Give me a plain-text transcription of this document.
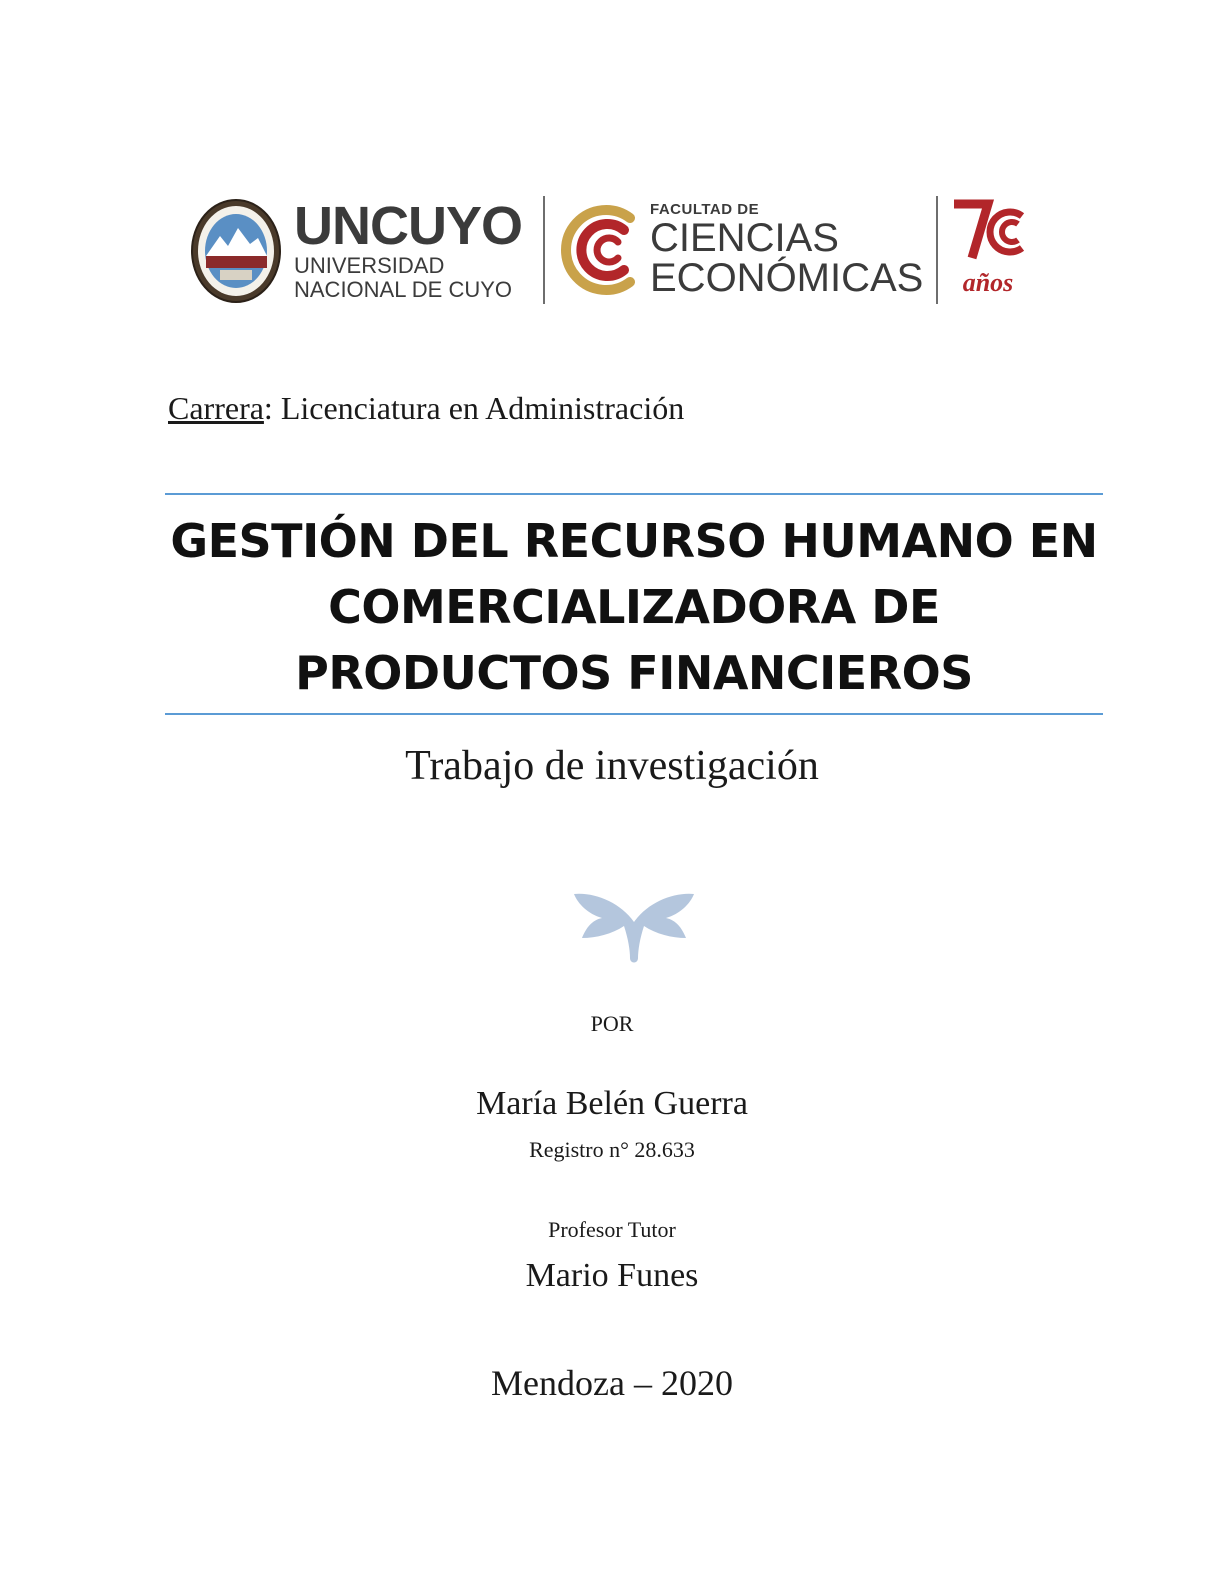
UNCUYO
UNIVERSIDAD
NACIONAL DE CUYO
FACULTAD DE
CIENCIAS
ECONÓMICAS	años
Carrera: Licenciatura en Administración
GESTIÓN DEL RECURSO HUMANO EN
COMERCIALIZADORA DE
PRODUCTOS FINANCIEROS
Trabajo de investigación
POR
María Belén Guerra
Registro n° 28.633
Profesor Tutor
Mario Funes
Mendoza – 2020
